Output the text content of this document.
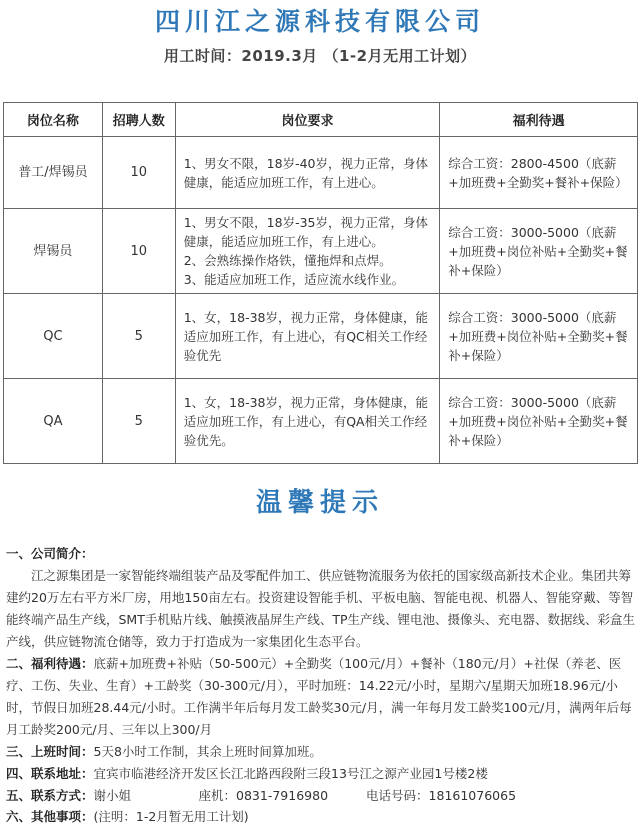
四川江之源科技有限公司
用工时间：2019.3月 （1-2月无用工计划）
岗位名称	招聘人数	岗位要求	福利待遇
普工/焊锡员	10	1、男女不限，18岁-40岁，视力正常，身体健康，能适应加班工作，有上进心。	综合工资：2800-4500（底薪+加班费+全勤奖+餐补+保险）
焊锡员	10	1、男女不限，18岁-35岁，视力正常，身体健康，能适应加班工作，有上进心。
2、会熟练操作烙铁，懂拖焊和点焊。
3、能适应加班工作，适应流水线作业。	综合工资：3000-5000（底薪+加班费+岗位补贴+全勤奖+餐补+保险）
QC	5	1、女，18-38岁，视力正常，身体健康，能适应加班工作，有上进心，有QC相关工作经验优先	综合工资：3000-5000（底薪+加班费+岗位补贴+全勤奖+餐补+保险）
QA	5	1、女，18-38岁，视力正常，身体健康，能适应加班工作，有上进心，有QA相关工作经验优先。	综合工资：3000-5000（底薪+加班费+岗位补贴+全勤奖+餐补+保险）
温馨提示
一、公司简介：
江之源集团是一家智能终端组装产品及零配件加工、供应链物流服务为依托的国家级高新技术企业。集团共筹建约20万左右平方米厂房，用地150亩左右。投资建设智能手机、平板电脑、智能电视、机器人、智能穿戴、等智能终端产品生产线，SMT手机贴片线、触摸液晶屏生产线、TP生产线、锂电池、摄像头、充电器、数据线、彩盒生产线，供应链物流仓储等，致力于打造成为一家集团化生态平台。
二、福利待遇：底薪+加班费+补贴（50-500元）+全勤奖（100元/月）+餐补（180元/月）+社保（养老、医疗、工伤、失业、生育）+工龄奖（30-300元/月），平时加班：14.22元/小时，星期六/星期天加班18.96元/小时，节假日加班28.44元/小时。工作满半年后每月发工龄奖30元/月，满一年每月发工龄奖100元/月，满两年后每月工龄奖200元/月、三年以上300/月
三、上班时间：5天8小时工作制，其余上班时间算加班。
四、联系地址：宜宾市临港经济开发区长江北路西段附三段13号江之源产业园1号楼2楼
五、联系方式：谢小姐	座机：0831-7916980	电话号码：18161076065
六、其他事项：(注明：1-2月暂无用工计划)
